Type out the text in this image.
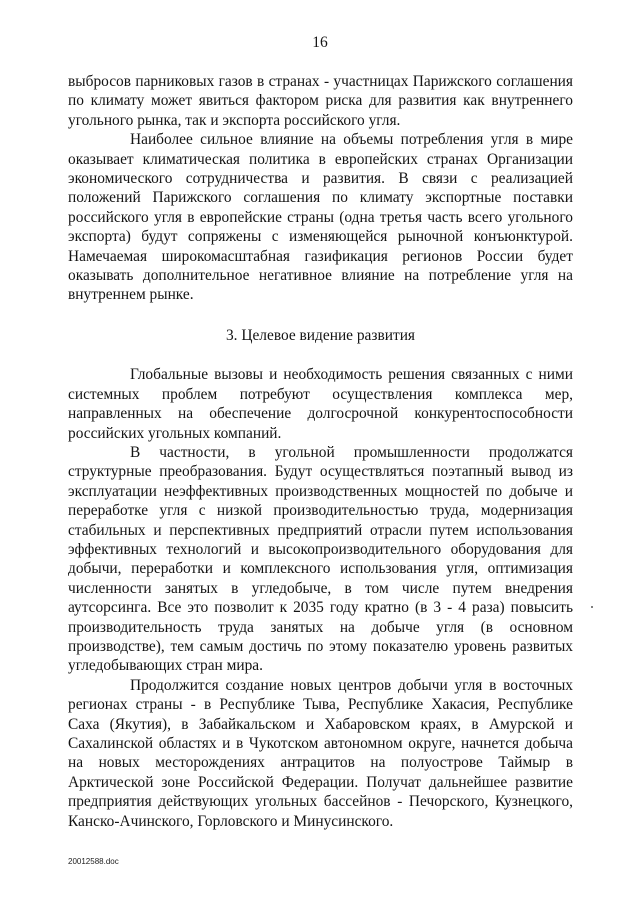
16

выбросов парниковых газов в странах - участницах Парижского соглашения по климату может явиться фактором риска для развития как внутреннего угольного рынка, так и экспорта российского угля.

Наиболее сильное влияние на объемы потребления угля в мире оказывает климатическая политика в европейских странах Организации экономического сотрудничества и развития. В связи с реализацией положений Парижского соглашения по климату экспортные поставки российского угля в европейские страны (одна третья часть всего угольного экспорта) будут сопряжены с изменяющейся рыночной конъюнктурой. Намечаемая широкомасштабная газификация регионов России будет оказывать дополнительное негативное влияние на потребление угля на внутреннем рынке.

3. Целевое видение развития

Глобальные вызовы и необходимость решения связанных с ними системных проблем потребуют осуществления комплекса мер, направленных на обеспечение долгосрочной конкурентоспособности российских угольных компаний.

В частности, в угольной промышленности продолжатся структурные преобразования. Будут осуществляться поэтапный вывод из эксплуатации неэффективных производственных мощностей по добыче и переработке угля с низкой производительностью труда, модернизация стабильных и перспективных предприятий отрасли путем использования эффективных технологий и высокопроизводительного оборудования для добычи, переработки и комплексного использования угля, оптимизация численности занятых в угледобыче, в том числе путем внедрения аутсорсинга. Все это позволит к 2035 году кратно (в 3 - 4 раза) повысить производительность труда занятых на добыче угля (в основном производстве), тем самым достичь по этому показателю уровень развитых угледобывающих стран мира.

Продолжится создание новых центров добычи угля в восточных регионах страны - в Республике Тыва, Республике Хакасия, Республике Саха (Якутия), в Забайкальском и Хабаровском краях, в Амурской и Сахалинской областях и в Чукотском автономном округе, начнется добыча на новых месторождениях антрацитов на полуострове Таймыр в Арктической зоне Российской Федерации. Получат дальнейшее развитие предприятия действующих угольных бассейнов - Печорского, Кузнецкого, Канско-Ачинского, Горловского и Минусинского.

20012588.doc
